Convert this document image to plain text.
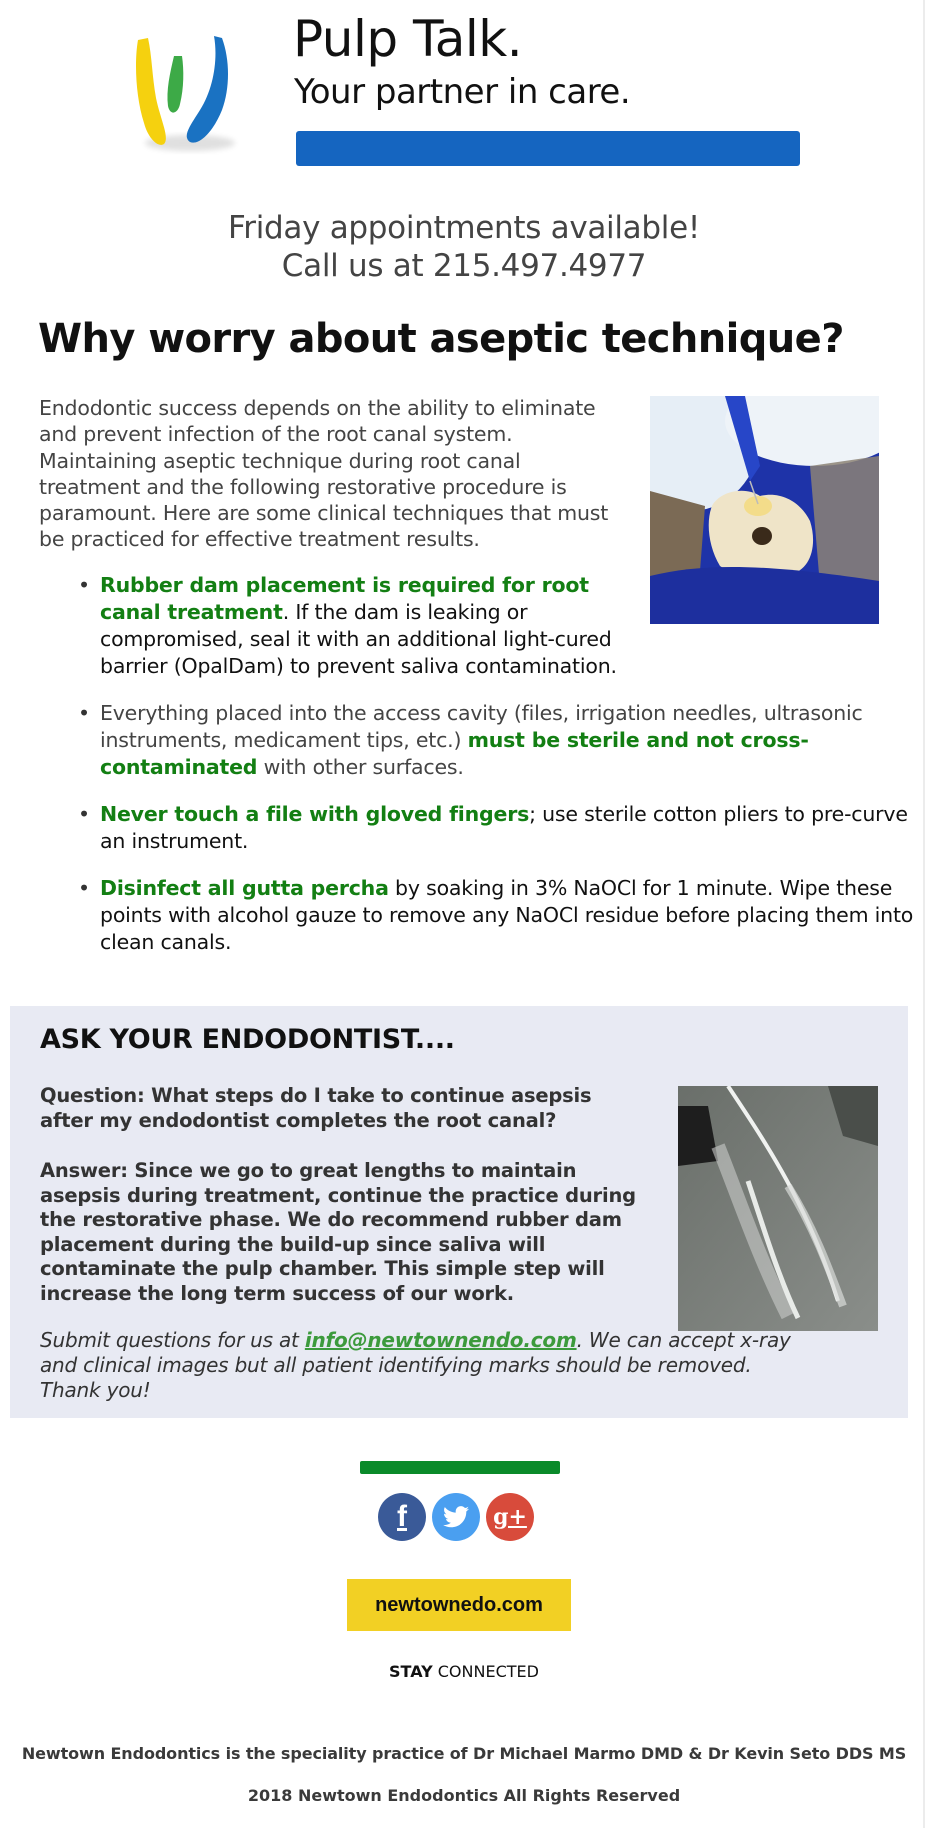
Pulp Talk.
Your partner in care.
Friday appointments available!
Call us at 215.497.4977
Why worry about aseptic technique?

Endodontic success depends on the ability to eliminate and prevent infection of the root canal system. Maintaining aseptic technique during root canal treatment and the following restorative procedure is paramount. Here are some clinical techniques that must be practiced for effective treatment results.

• Rubber dam placement is required for root canal treatment. If the dam is leaking or compromised, seal it with an additional light-cured barrier (OpalDam) to prevent saliva contamination.
• Everything placed into the access cavity (files, irrigation needles, ultrasonic instruments, medicament tips, etc.) must be sterile and not cross-contaminated with other surfaces.
• Never touch a file with gloved fingers; use sterile cotton pliers to pre-curve an instrument.
• Disinfect all gutta percha by soaking in 3% NaOCl for 1 minute. Wipe these points with alcohol gauze to remove any NaOCl residue before placing them into clean canals.
ASK YOUR ENDODONTIST....

Question: What steps do I take to continue asepsis after my endodontist completes the root canal?

Answer: Since we go to great lengths to maintain asepsis during treatment, continue the practice during the restorative phase. We do recommend rubber dam placement during the build-up since saliva will contaminate the pulp chamber. This simple step will increase the long term success of our work.

Submit questions for us at info@newtownendo.com. We can accept x-ray and clinical images but all patient identifying marks should be removed. Thank you!

f	g+
newtownedo.com
STAY CONNECTED
Newtown Endodontics is the speciality practice of Dr Michael Marmo DMD & Dr Kevin Seto DDS MS
2018 Newtown Endodontics All Rights Reserved
